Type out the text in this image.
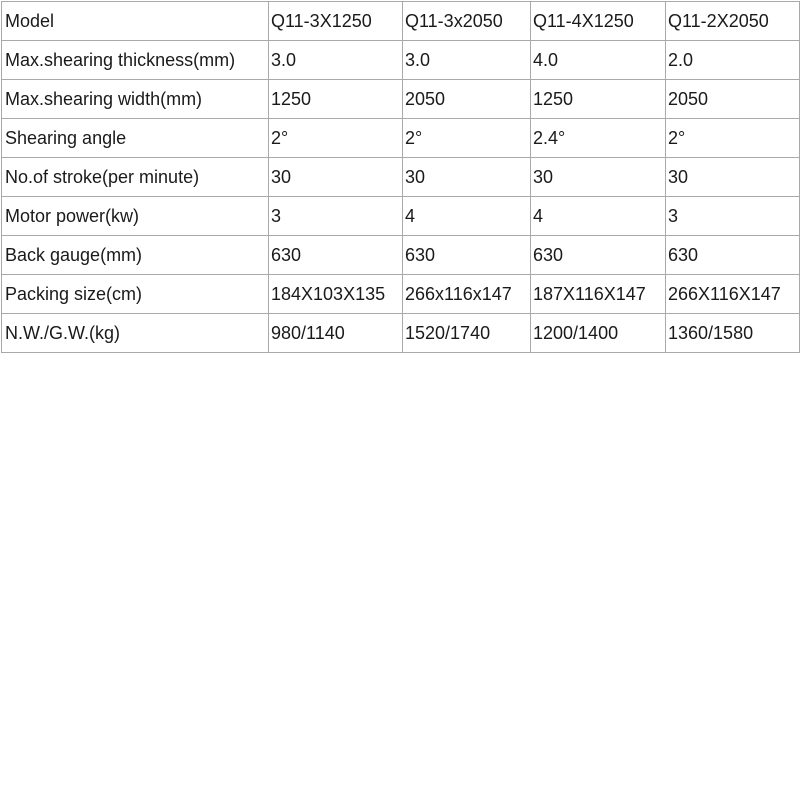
Model	Q11-3X1250	Q11-3x2050	Q11-4X1250	Q11-2X2050
Max.shearing thickness(mm)	3.0	3.0	4.0	2.0
Max.shearing width(mm)	1250	2050	1250	2050
Shearing angle	2°	2°	2.4°	2°
No.of stroke(per minute)	30	30	30	30
Motor power(kw)	3	4	4	3
Back gauge(mm)	630	630	630	630
Packing size(cm)	184X103X135	266x116x147	187X116X147	266X116X147
N.W./G.W.(kg)	980/1140	1520/1740	1200/1400	1360/1580
